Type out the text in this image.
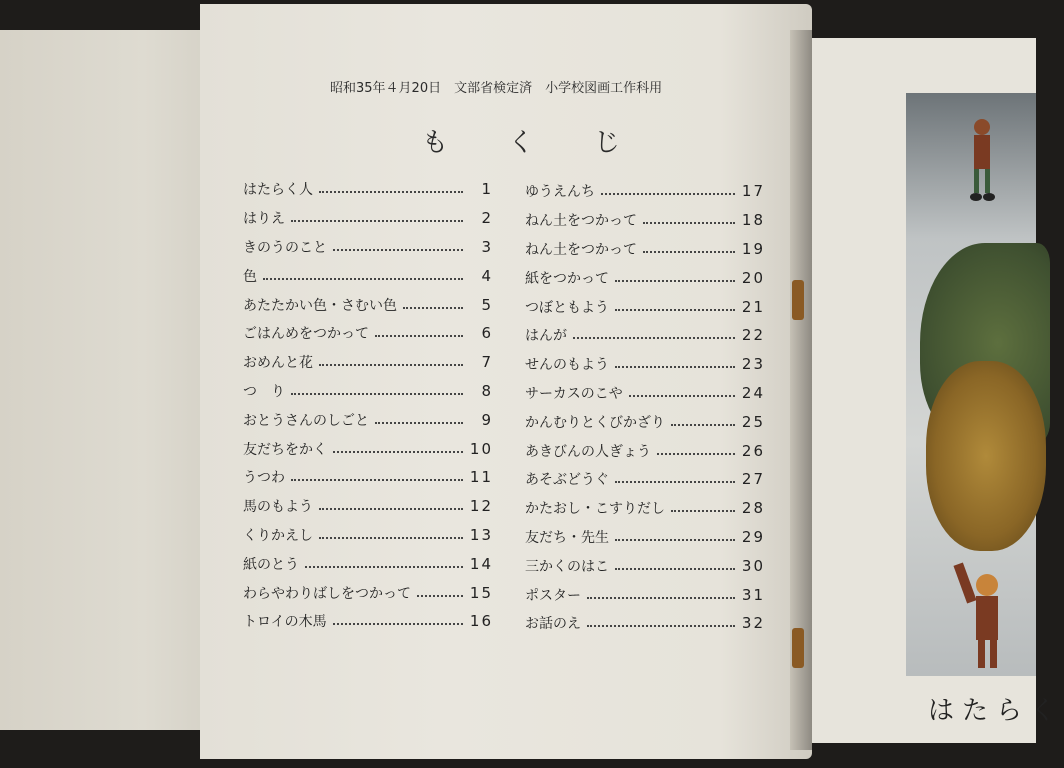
はたらく
昭和35年４月20日　文部省検定済　小学校図画工作科用
もくじ
はたらく人	1
はりえ	2
きのうのこと	3
色	4
あたたかい色・さむい色	5
ごはんめをつかって	6
おめんと花	7
つ　り	8
おとうさんのしごと	9
友だちをかく	10
うつわ	11
馬のもよう	12
くりかえし	13
紙のとう	14
わらやわりばしをつかって	15
トロイの木馬	16
ゆうえんち	17
ねん土をつかって	18
ねん土をつかって	19
紙をつかって	20
つぼともよう	21
はんが	22
せんのもよう	23
サーカスのこや	24
かんむりとくびかざり	25
あきびんの人ぎょう	26
あそぶどうぐ	27
かたおし・こすりだし	28
友だち・先生	29
三かくのはこ	30
ポスター	31
お話のえ	32
